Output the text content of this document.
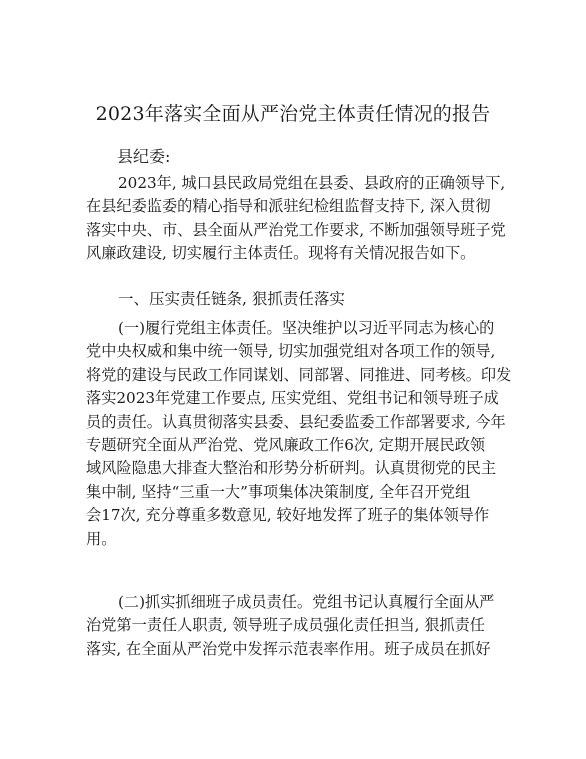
2023年落实全面从严治党主体责任情况的报告

县纪委:

2023年, 城口县民政局党组在县委、县政府的正确领导下,
在县纪委监委的精心指导和派驻纪检组监督支持下, 深入贯彻
落实中央、市、县全面从严治党工作要求, 不断加强领导班子党
风廉政建设, 切实履行主体责任。现将有关情况报告如下。

一、压实责任链条, 狠抓责任落实

(一)履行党组主体责任。坚决维护以习近平同志为核心的
党中央权威和集中统一领导, 切实加强党组对各项工作的领导,
将党的建设与民政工作同谋划、同部署、同推进、同考核。印发
落实2023年党建工作要点, 压实党组、党组书记和领导班子成
员的责任。认真贯彻落实县委、县纪委监委工作部署要求, 今年
专题研究全面从严治党、党风廉政工作6次, 定期开展民政领
域风险隐患大排查大整治和形势分析研判。认真贯彻党的民主
集中制, 坚持“三重一大”事项集体决策制度, 全年召开党组
会17次, 充分尊重多数意见, 较好地发挥了班子的集体领导作
用。
(二)抓实抓细班子成员责任。党组书记认真履行全面从严
治党第一责任人职责, 领导班子成员强化责任担当, 狠抓责任
落实, 在全面从严治党中发挥示范表率作用。班子成员在抓好
